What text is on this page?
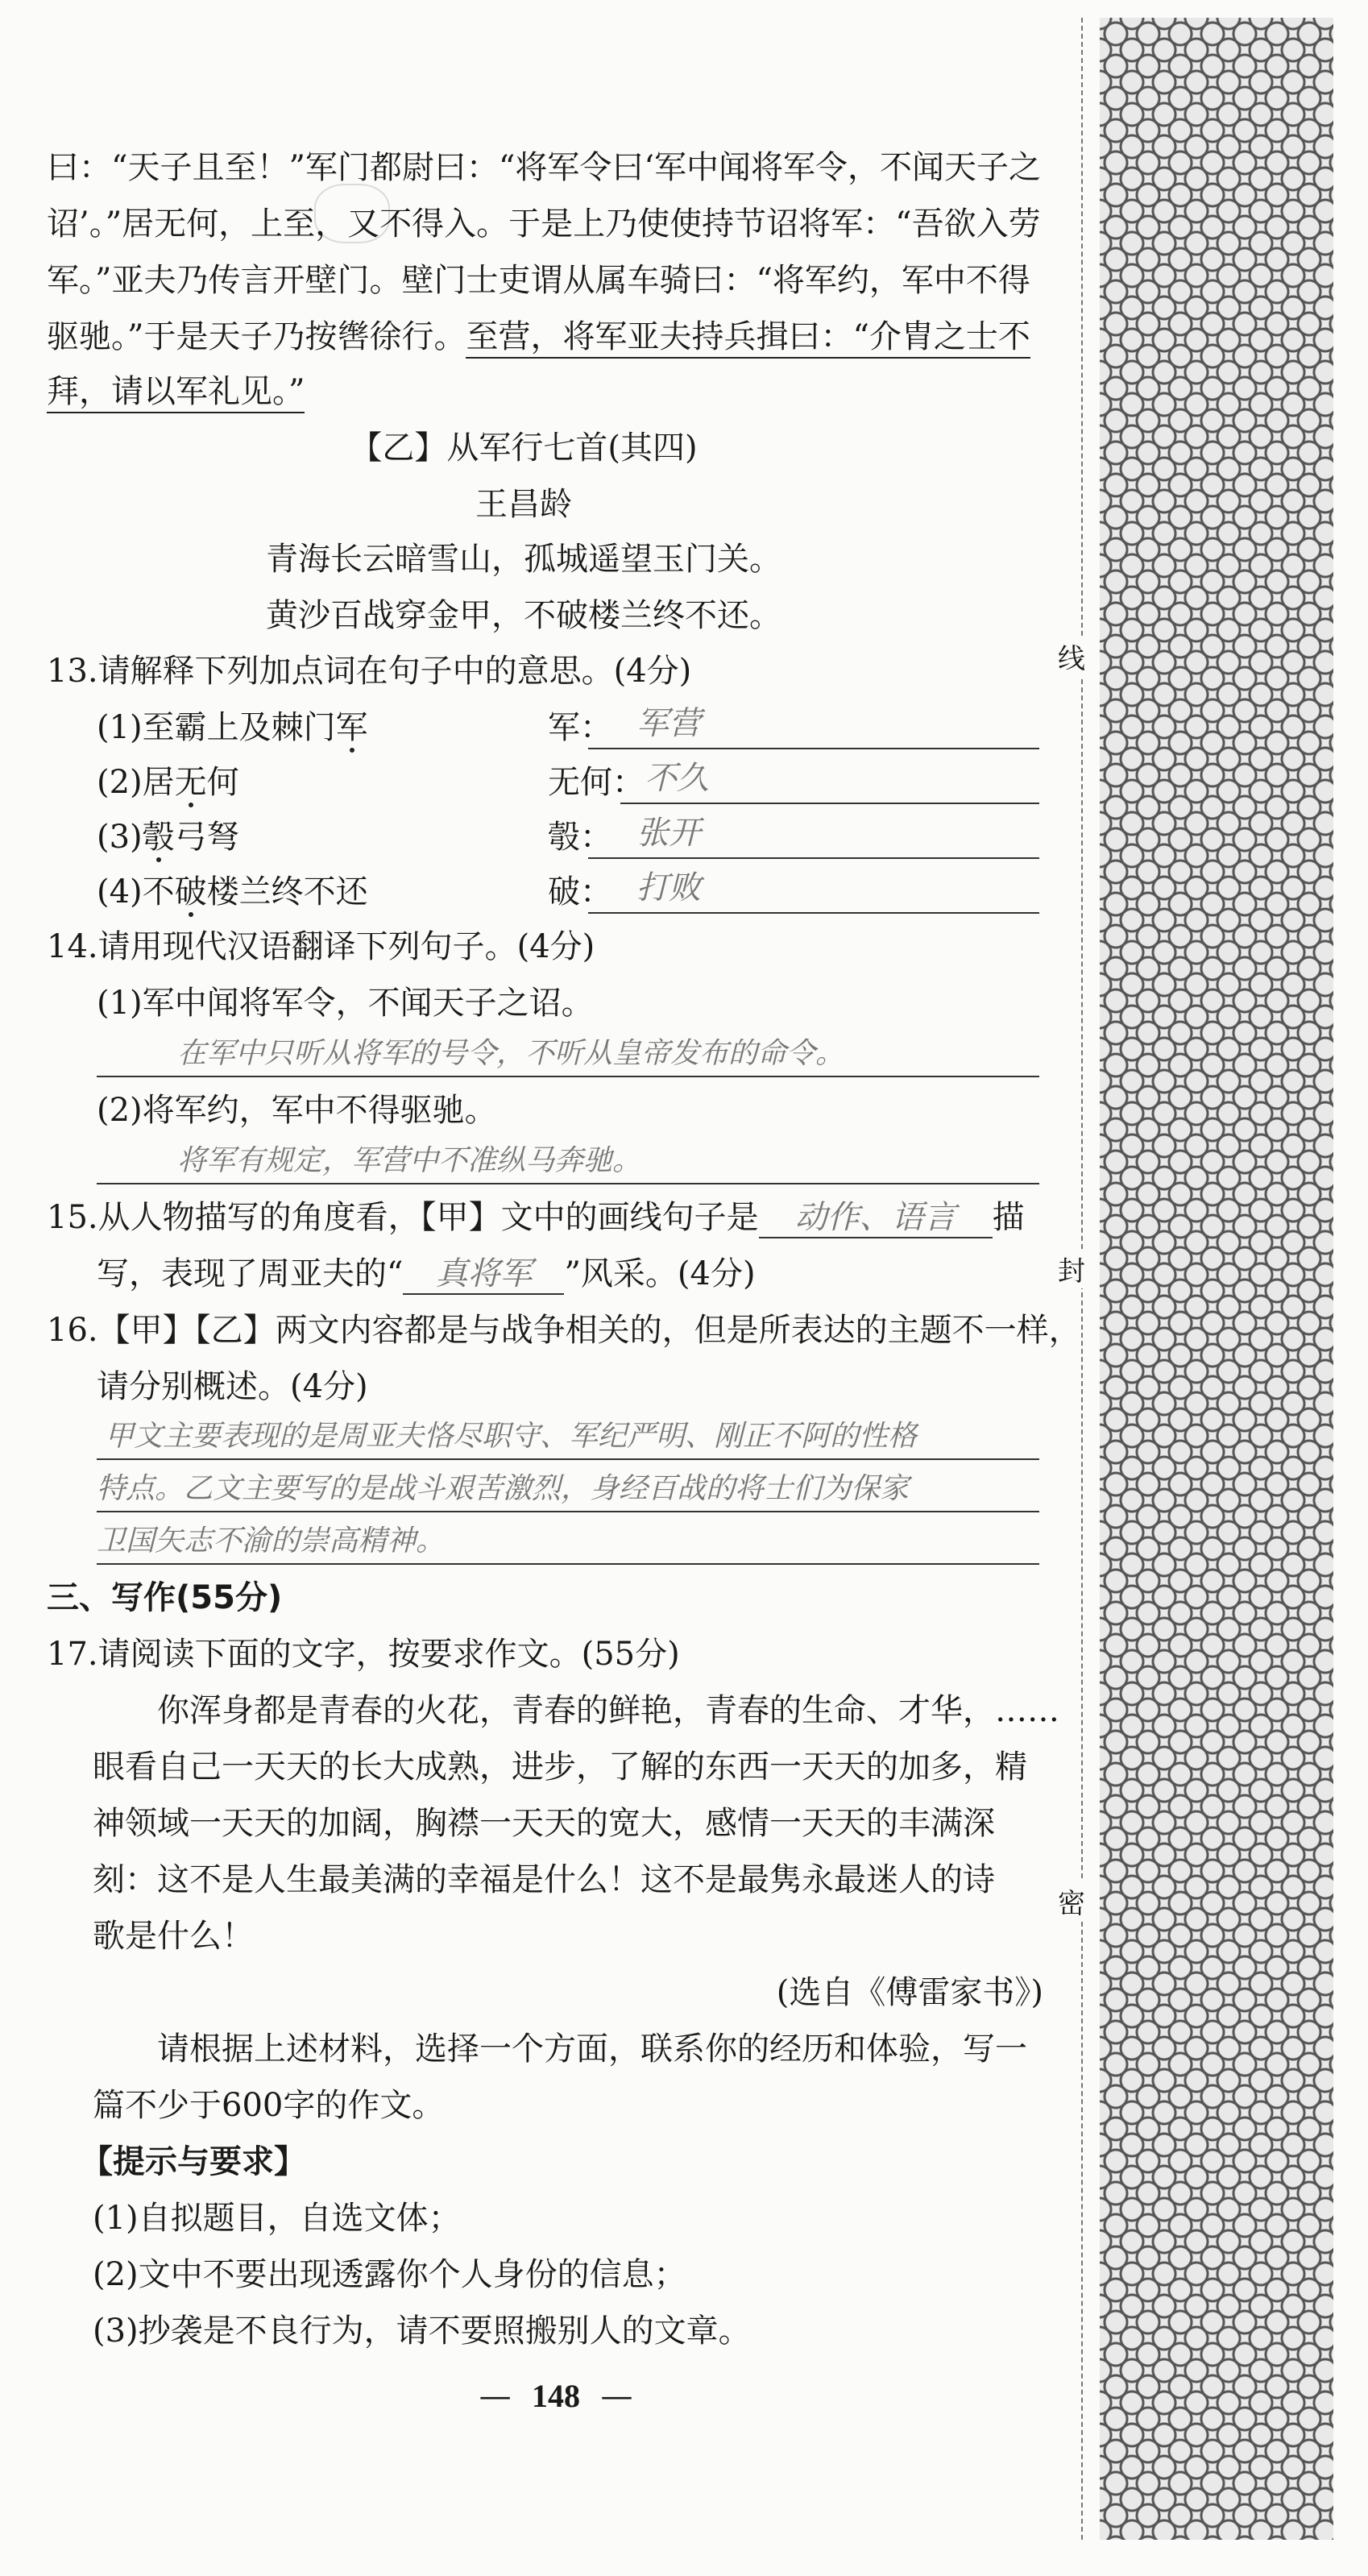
线
封
密
曰：“天子且至！”军门都尉曰：“将军令曰‘军中闻将军令，不闻天子之
诏’。”居无何，上至，又不得入。于是上乃使使持节诏将军：“吾欲入劳
军。”亚夫乃传言开壁门。壁门士吏谓从属车骑曰：“将军约，军中不得
驱驰。”于是天子乃按辔徐行。至营，将军亚夫持兵揖曰：“介胄之士不
拜，请以军礼见。”
【乙】从军行七首(其四)
王昌龄
青海长云暗雪山，孤城遥望玉门关。
黄沙百战穿金甲，不破楼兰终不还。
13.请解释下列加点词在句子中的意思。(4分)
(1)至霸上及棘门军	军： 军营
(2)居无何	无何： 不久
(3)彀弓弩	彀： 张开
(4)不破楼兰终不还	破： 打败
14.请用现代汉语翻译下列句子。(4分)
(1)军中闻将军令，不闻天子之诏。
在军中只听从将军的号令，不听从皇帝发布的命令。
(2)将军约，军中不得驱驰。
将军有规定，军营中不准纵马奔驰。
15.从人物描写的角度看，【甲】文中的画线句子是 动作、语言 描
写，表现了周亚夫的“ 真将军 ”风采。(4分)
16.【甲】【乙】两文内容都是与战争相关的，但是所表达的主题不一样，
请分别概述。(4分)
甲文主要表现的是周亚夫恪尽职守、军纪严明、刚正不阿的性格
特点。乙文主要写的是战斗艰苦激烈，身经百战的将士们为保家
卫国矢志不渝的崇高精神。
三、写作(55分)
17.请阅读下面的文字，按要求作文。(55分)
你浑身都是青春的火花，青春的鲜艳，青春的生命、才华，……
眼看自己一天天的长大成熟，进步，了解的东西一天天的加多，精
神领域一天天的加阔，胸襟一天天的宽大，感情一天天的丰满深
刻：这不是人生最美满的幸福是什么！这不是最隽永最迷人的诗
歌是什么！
(选自《傅雷家书》)
请根据上述材料，选择一个方面，联系你的经历和体验，写一
篇不少于600字的作文。
【提示与要求】
(1)自拟题目，自选文体；
(2)文中不要出现透露你个人身份的信息；
(3)抄袭是不良行为，请不要照搬别人的文章。
— 148 —
